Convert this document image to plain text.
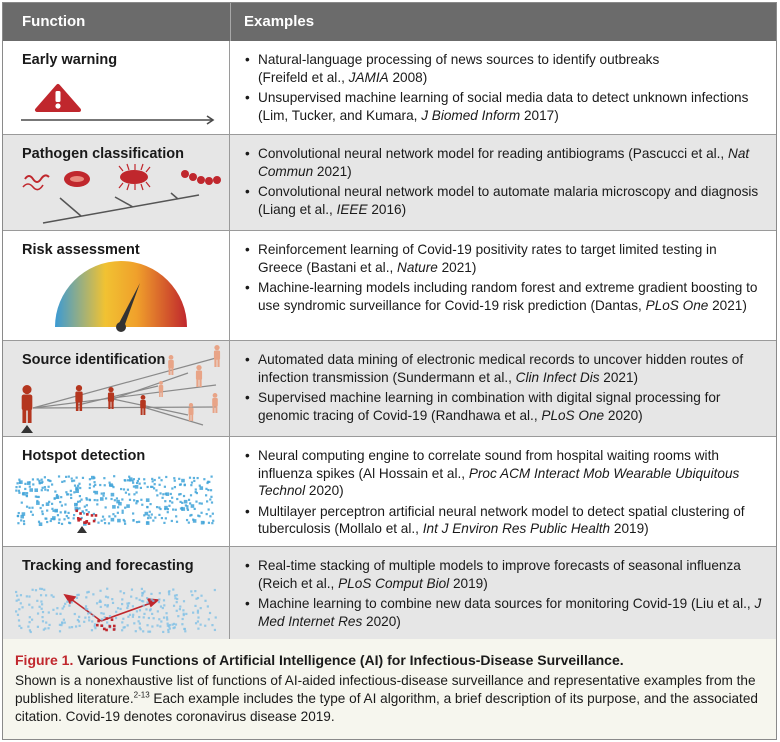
Function	Examples
Early warning	• Natural-language processing of news sources to identify outbreaks
(Freifeld et al., JAMIA 2008)
• Unsupervised machine learning of social media data to detect unknown infections (Lim, Tucker, and Kumara, J Biomed Inform 2017)
Pathogen classification	• Convolutional neural network model for reading antibiograms (Pascucci et al., Nat Commun 2021)
• Convolutional neural network model to automate malaria microscopy and diagnosis (Liang et al., IEEE 2016)
Risk assessment	• Reinforcement learning of Covid-19 positivity rates to target limited testing in Greece (Bastani et al., Nature 2021)
• Machine-learning models including random forest and extreme gradient boosting to use syndromic surveillance for Covid-19 risk prediction (Dantas, PLoS One 2021)
Source identification	• Automated data mining of electronic medical records to uncover hidden routes of infection transmission (Sundermann et al., Clin Infect Dis 2021)
• Supervised machine learning in combination with digital signal processing for genomic tracing of Covid-19 (Randhawa et al., PLoS One 2020)
Hotspot detection	• Neural computing engine to correlate sound from hospital waiting rooms with influenza spikes (Al Hossain et al., Proc ACM Interact Mob Wearable Ubiquitous Technol 2020)
• Multilayer perceptron artificial neural network model to detect spatial clustering of tuberculosis (Mollalo et al., Int J Environ Res Public Health 2019)
Tracking and forecasting	• Real-time stacking of multiple models to improve forecasts of seasonal influenza (Reich et al., PLoS Comput Biol 2019)
• Machine learning to combine new data sources for monitoring Covid-19 (Liu et al., J Med Internet Res 2020)
Figure 1. Various Functions of Artificial Intelligence (AI) for Infectious-Disease Surveillance.
Shown is a nonexhaustive list of functions of AI-aided infectious-disease surveillance and representative examples from the published literature.$^{2-13}$ Each example includes the type of AI algorithm, a brief description of its purpose, and the associated citation. Covid-19 denotes coronavirus disease 2019.
